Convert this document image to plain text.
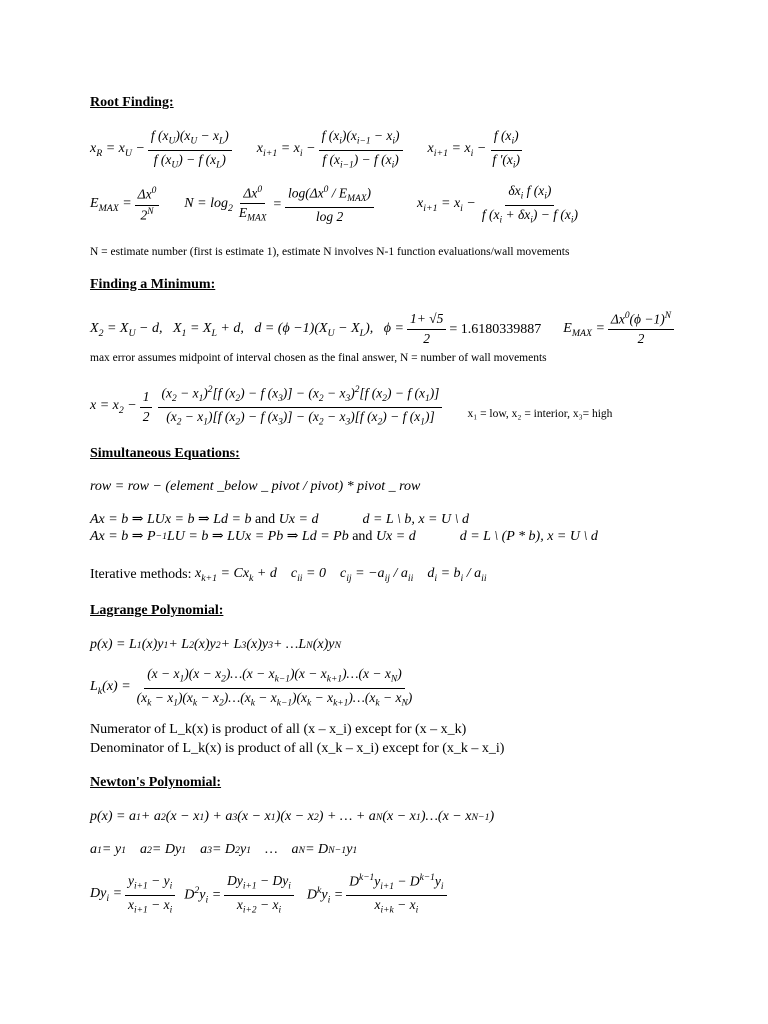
Root Finding:
$x_R = x_U - \frac{f (x_U)(x_U - x_L)}{f (x_U) - f (x_L)} x_{i+1} = x_i - \frac{f (x_i)(x_{i-1} - x_i)}{f (x_{i-1}) - f (x_i)} x_{i+1} = x_i - \frac{f (x_i)}{f '(x_i)}$
$E_{MAX} = \frac{\Delta x^0}{2^N}$ $N = \log_2 \frac{\Delta x^0}{E_{MAX}} = \frac{\log(\Delta x^0 / E_{MAX})}{\log 2}$	$x_{i+1} = x_i - \frac{\delta x_i f (x_i)}{f (x_i + \delta x_i) - f (x_i)}$
N = estimate number (first is estimate 1), estimate N involves N-1 function evaluations/wall movements
Finding a Minimum:
$X_2 = X_U - d$,   $X_1 = X_L + d$,   $d = (\phi -1)(X_U - X_L)$,   $\phi = \frac{1+ √5}{2} = 1.6180339887$ $E_{MAX} = \frac{\Delta x^0(\phi -1)^N}{2}$
max error assumes midpoint of interval chosen as the final answer, N = number of wall movements
$x = x_2 - \frac{1}{2} \frac{(x_2 - x_1)^2[f (x_2) - f (x_3)] - (x_2 - x_3)^2[f (x_2) - f (x_1)]}{(x_2 - x_1)[f (x_2) - f (x_3)] - (x_2 - x_3)[f (x_2) - f (x_1)]} x_1$ = low, x₂ = interior, x₃= high
Simultaneous Equations:
row = row − (element _below _ pivot / pivot) * pivot _ row
Ax = b ⇒ LUx = b ⇒ Ld = b and Ux = d	d = L \ b, x = U \ d
Ax = b ⇒ P −1 LU = b ⇒ LUx = Pb ⇒ Ld = Pb and Ux = d	d = L \ (P * b), x = U \ d
Iterative methods: $x_{k+1} = Cx_k + d$    $c_{ii} = 0$    $c_{ij} = -a_{ij} / a_{ii}$    $d_i = b_i / a_{ii}$
Lagrange Polynomial:
p(x) = L 1 (x)y 1 + L 2 (x)y 2 + L 3 (x)y 3 + …L N (x)y N
$L_k(x) = \frac{(x - x_1)(x - x_2)\dots(x - x_{k-1})(x - x_{k+1})\dots(x - x_N)}{(x_k - x_1)(x_k - x_2)\dots(x_k - x_{k-1})(x_k - x_{k+1})\dots(x_k - x_N)}$
Numerator of L_k(x) is product of all (x – x_i) except for (x – x_k)
Denominator of L_k(x) is product of all (x_k – x_i) except for (x_k – x_i)
Newton's Polynomial:
p(x) = a 1 + a 2 (x − x 1 ) + a 3 (x − x 1 )(x − x 2 ) + … + a N (x − x 1 )…(x − x N−1 )
a 1 = y 1 a 2 = Dy 1 a 3 = D 2 y 1 …    a N = D N−1 y 1
$Dy_i = \frac{y_{i+1} - y_i}{x_{i+1} - x_i} D^2y_i = \frac{Dy_{i+1} - Dy_i}{x_{i+2} - x_i} D^ky_i = \frac{D^{k-1}y_{i+1} - D^{k-1}y_i}{x_{i+k} - x_i}$
